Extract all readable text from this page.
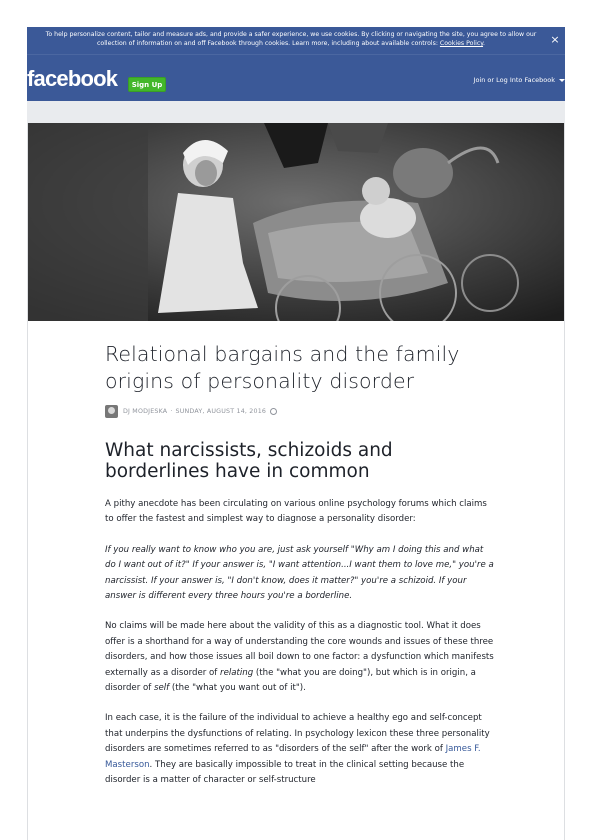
To help personalize content, tailor and measure ads, and provide a safer experience, we use cookies. By clicking or navigating the site, you agree to allow our collection of information on and off Facebook through cookies. Learn more, including about available controls: Cookies Policy.	×
facebook	Sign Up
Join or Log Into Facebook
Relational bargains and the family origins of personality disorder
DJ MODJESKA · SUNDAY, AUGUST 14, 2016
What narcissists, schizoids and borderlines have in common

A pithy anecdote has been circulating on various online psychology forums which claims to offer the fastest and simplest way to diagnose a personality disorder:

If you really want to know who you are, just ask yourself "Why am I doing this and what do I want out of it?" If your answer is, "I want attention...I want them to love me," you're a narcissist. If your answer is, "I don't know, does it matter?" you're a schizoid. If your answer is different every three hours you're a borderline.

No claims will be made here about the validity of this as a diagnostic tool. What it does offer is a shorthand for a way of understanding the core wounds and issues of these three disorders, and how those issues all boil down to one factor: a dysfunction which manifests externally as a disorder of relating (the "what you are doing"), but which is in origin, a disorder of self (the "what you want out of it").

In each case, it is the failure of the individual to achieve a healthy ego and self-concept that underpins the dysfunctions of relating. In psychology lexicon these three personality disorders are sometimes referred to as "disorders of the self" after the work of James F. Masterson. They are basically impossible to treat in the clinical setting because the disorder is a matter of character or self-structure
